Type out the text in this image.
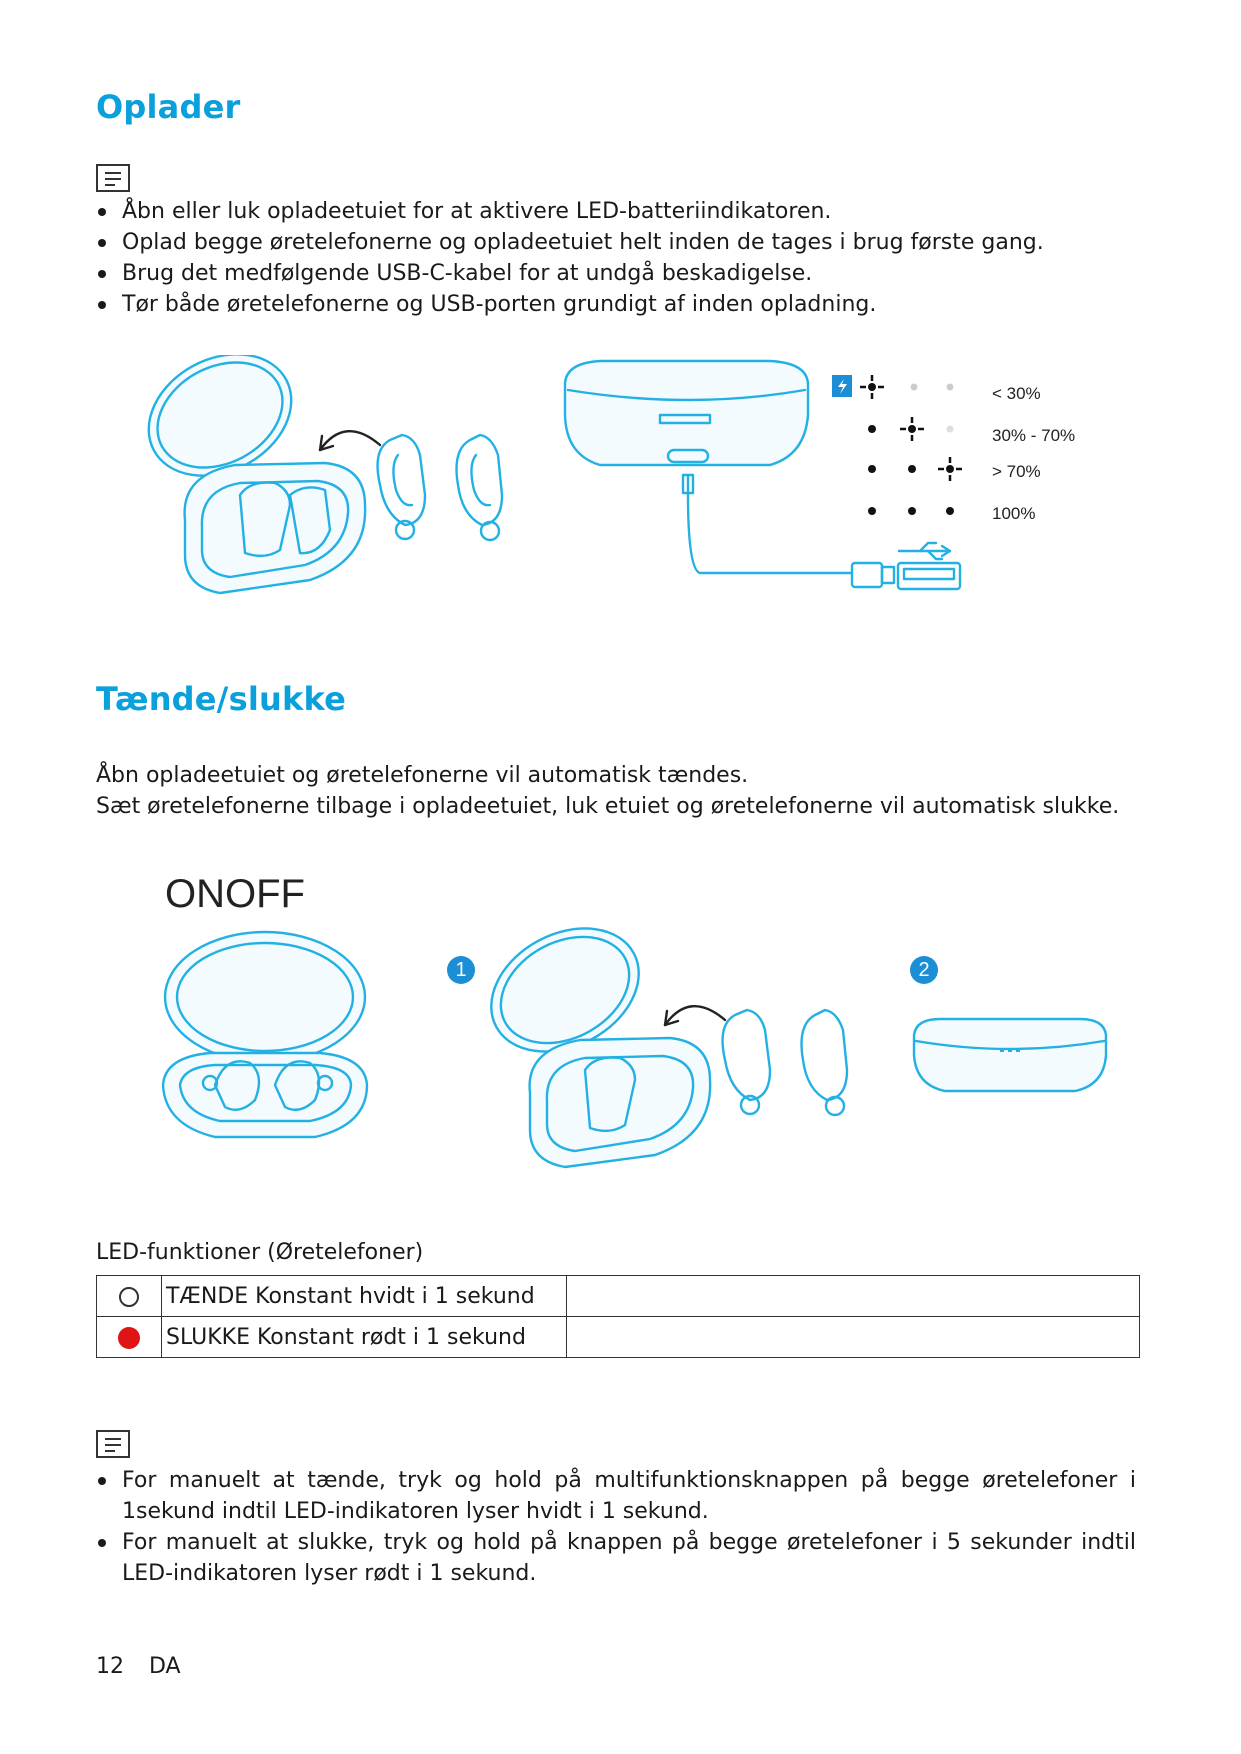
Oplader
Åbn eller luk opladeetuiet for at aktivere LED-batteriindikatoren.
Oplad begge øretelefonerne og opladeetuiet helt inden de tages i brug første gang.
Brug det medfølgende USB-C-kabel for at undgå beskadigelse.
Tør både øretelefonerne og USB-porten grundigt af inden opladning.
< 30%
30% - 70%
> 70%
100%
Tænde/slukke

Åbn opladeetuiet og øretelefonerne vil automatisk tændes.

Sæt øretelefonerne tilbage i opladeetuiet, luk etuiet og øretelefonerne vil automatisk slukke.

ONOFF
1	2

LED-funktioner (Øretelefoner)

	TÆNDE Konstant hvidt i 1 sekund	
	SLUKKE Konstant rødt i 1 sekund	
For manuelt at tænde, tryk og hold på multifunktionsknappen på begge øretelefoner i 1sekund indtil LED-indikatoren lyser hvidt i 1 sekund.
For manuelt at slukke, tryk og hold på knappen på begge øretelefoner i 5 sekunder indtil LED-indikatoren lyser rødt i 1 sekund.
12 DA
